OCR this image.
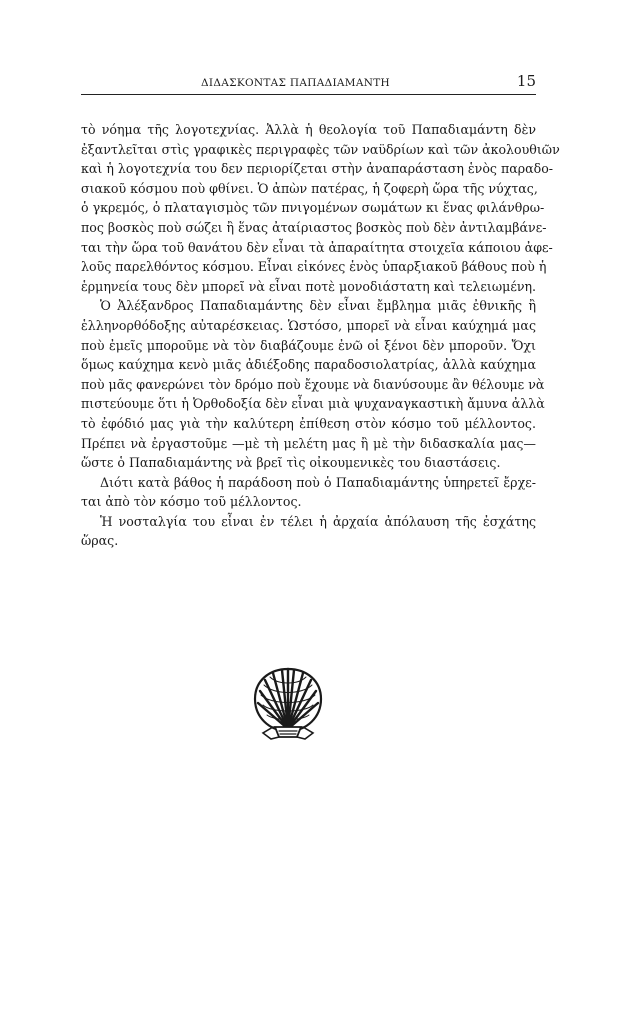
ΔΙΔΑΣΚΟΝΤΑΣ ΠΑΠΑΔΙΑΜΑΝΤΗ	15
τὸ νόημα τῆς λογοτεχνίας. Ἀλλὰ ἡ θεολογία τοῦ Παπαδιαμάντη δὲν
ἐξαντλεῖται στὶς γραφικὲς περιγραφὲς τῶν ναϋδρίων καὶ τῶν ἀκολουθιῶν
καὶ ἡ λογοτεχνία του δεν περιορίζεται στὴν ἀναπαράσταση ἑνὸς παραδο-
σιακοῦ κόσμου ποὺ φθίνει. Ὁ ἀπὼν πατέρας, ἡ ζοφερὴ ὥρα τῆς νύχτας,
ὁ γκρεμός, ὁ πλαταγισμὸς τῶν πνιγομένων σωμάτων κι ἕνας φιλάνθρω-
πος βοσκὸς ποὺ σώζει ἢ ἕνας ἀταίριαστος βοσκὸς ποὺ δὲν ἀντιλαμβάνε-
ται τὴν ὥρα τοῦ θανάτου δὲν εἶναι τὰ ἀπαραίτητα στοιχεῖα κάποιου ἀφε-
λοῦς παρελθόντος κόσμου. Εἶναι εἰκόνες ἑνὸς ὑπαρξιακοῦ βάθους ποὺ ἡ
ἑρμηνεία τους δὲν μπορεῖ νὰ εἶναι ποτὲ μονοδιάστατη καὶ τελειωμένη.
Ὁ Ἀλέξανδρος Παπαδιαμάντης δὲν εἶναι ἔμβλημα μιᾶς ἐθνικῆς ἢ
ἑλληνορθόδοξης αὐταρέσκειας. Ὡστόσο, μπορεῖ νὰ εἶναι καύχημά μας
ποὺ ἐμεῖς μποροῦμε νὰ τὸν διαβάζουμε ἐνῶ οἱ ξένοι δὲν μποροῦν. Ὄχι
ὅμως καύχημα κενὸ μιᾶς ἀδιέξοδης παραδοσιολατρίας, ἀλλὰ καύχημα
ποὺ μᾶς φανερώνει τὸν δρόμο ποὺ ἔχουμε νὰ διανύσουμε ἂν θέλουμε νὰ
πιστεύουμε ὅτι ἡ Ὀρθοδοξία δὲν εἶναι μιὰ ψυχαναγκαστικὴ ἄμυνα ἀλλὰ
τὸ ἐφόδιό μας γιὰ τὴν καλύτερη ἐπίθεση στὸν κόσμο τοῦ μέλλοντος.
Πρέπει νὰ ἐργαστοῦμε —μὲ τὴ μελέτη μας ἢ μὲ τὴν διδασκαλία μας—
ὥστε ὁ Παπαδιαμάντης νὰ βρεῖ τὶς οἰκουμενικὲς του διαστάσεις.
Διότι κατὰ βάθος ἡ παράδοση ποὺ ὁ Παπαδιαμάντης ὑπηρετεῖ ἔρχε-
ται ἀπὸ τὸν κόσμο τοῦ μέλλοντος.
Ἡ νοσταλγία του εἶναι ἐν τέλει ἡ ἀρχαία ἀπόλαυση τῆς ἐσχάτης
ὥρας.
